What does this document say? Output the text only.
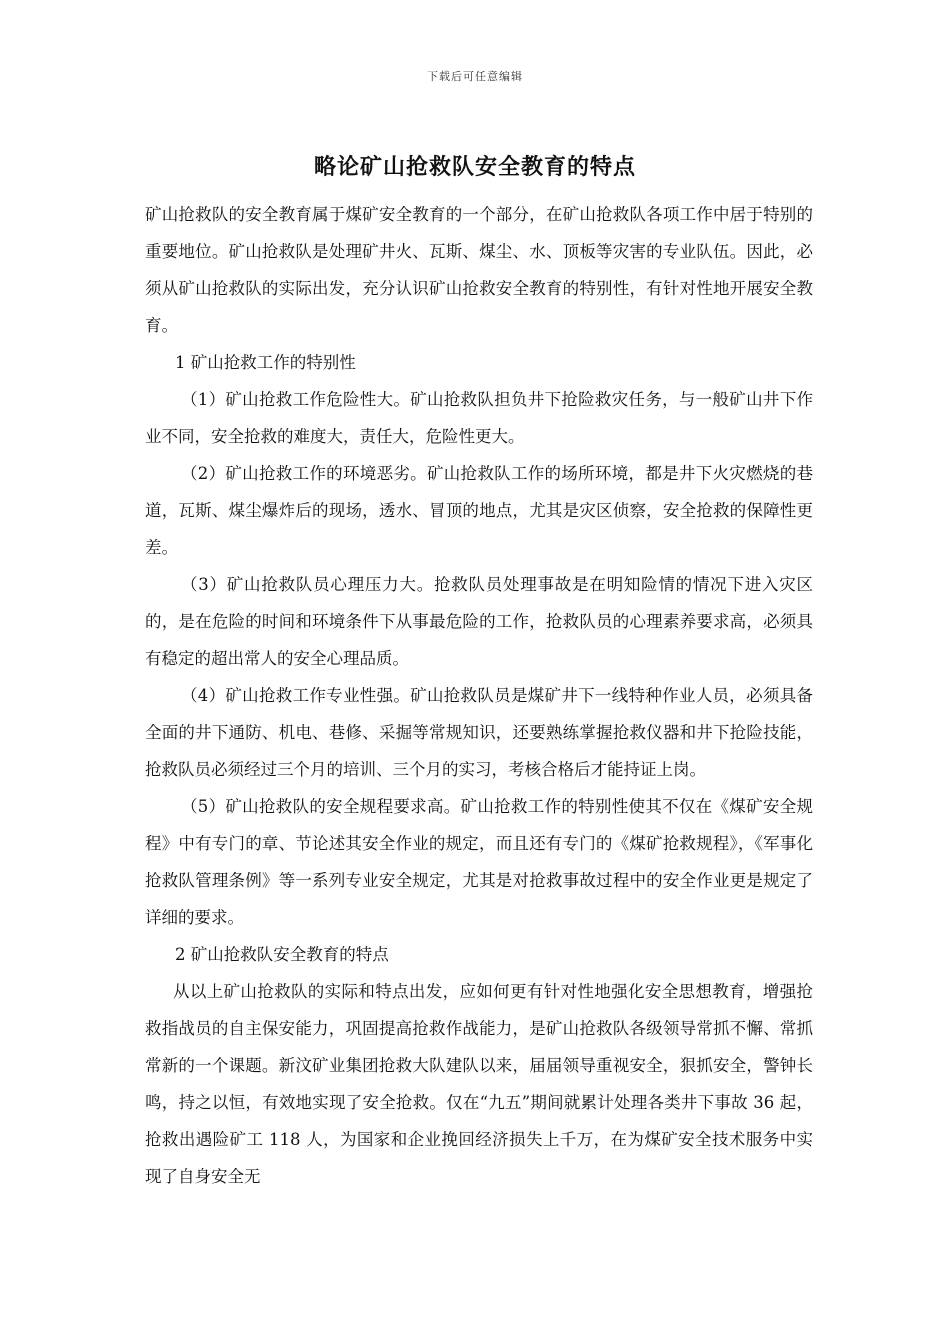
下载后可任意编辑
略论矿山抢救队安全教育的特点

矿山抢救队的安全教育属于煤矿安全教育的一个部分，在矿山抢救队各项工作中居于特别的重要地位。矿山抢救队是处理矿井火、瓦斯、煤尘、水、顶板等灾害的专业队伍。因此，必须从矿山抢救队的实际出发，充分认识矿山抢救安全教育的特别性，有针对性地开展安全教育。

1 矿山抢救工作的特别性

（1）矿山抢救工作危险性大。矿山抢救队担负井下抢险救灾任务，与一般矿山井下作业不同，安全抢救的难度大，责任大，危险性更大。

（2）矿山抢救工作的环境恶劣。矿山抢救队工作的场所环境，都是井下火灾燃烧的巷道，瓦斯、煤尘爆炸后的现场，透水、冒顶的地点，尤其是灾区侦察，安全抢救的保障性更差。

（3）矿山抢救队员心理压力大。抢救队员处理事故是在明知险情的情况下进入灾区的，是在危险的时间和环境条件下从事最危险的工作，抢救队员的心理素养要求高，必须具有稳定的超出常人的安全心理品质。

（4）矿山抢救工作专业性强。矿山抢救队员是煤矿井下一线特种作业人员，必须具备全面的井下通防、机电、巷修、采掘等常规知识，还要熟练掌握抢救仪器和井下抢险技能，抢救队员必须经过三个月的培训、三个月的实习，考核合格后才能持证上岗。

（5）矿山抢救队的安全规程要求高。矿山抢救工作的特别性使其不仅在《煤矿安全规程》中有专门的章、节论述其安全作业的规定，而且还有专门的《煤矿抢救规程》，《军事化抢救队管理条例》等一系列专业安全规定，尤其是对抢救事故过程中的安全作业更是规定了详细的要求。

2 矿山抢救队安全教育的特点

从以上矿山抢救队的实际和特点出发，应如何更有针对性地强化安全思想教育，增强抢救指战员的自主保安能力，巩固提高抢救作战能力，是矿山抢救队各级领导常抓不懈、常抓常新的一个课题。新汶矿业集团抢救大队建队以来，届届领导重视安全，狠抓安全，警钟长鸣，持之以恒，有效地实现了安全抢救。仅在“九五”期间就累计处理各类井下事故 36 起，抢救出遇险矿工 118 人，为国家和企业挽回经济损失上千万，在为煤矿安全技术服务中实现了自身安全无
